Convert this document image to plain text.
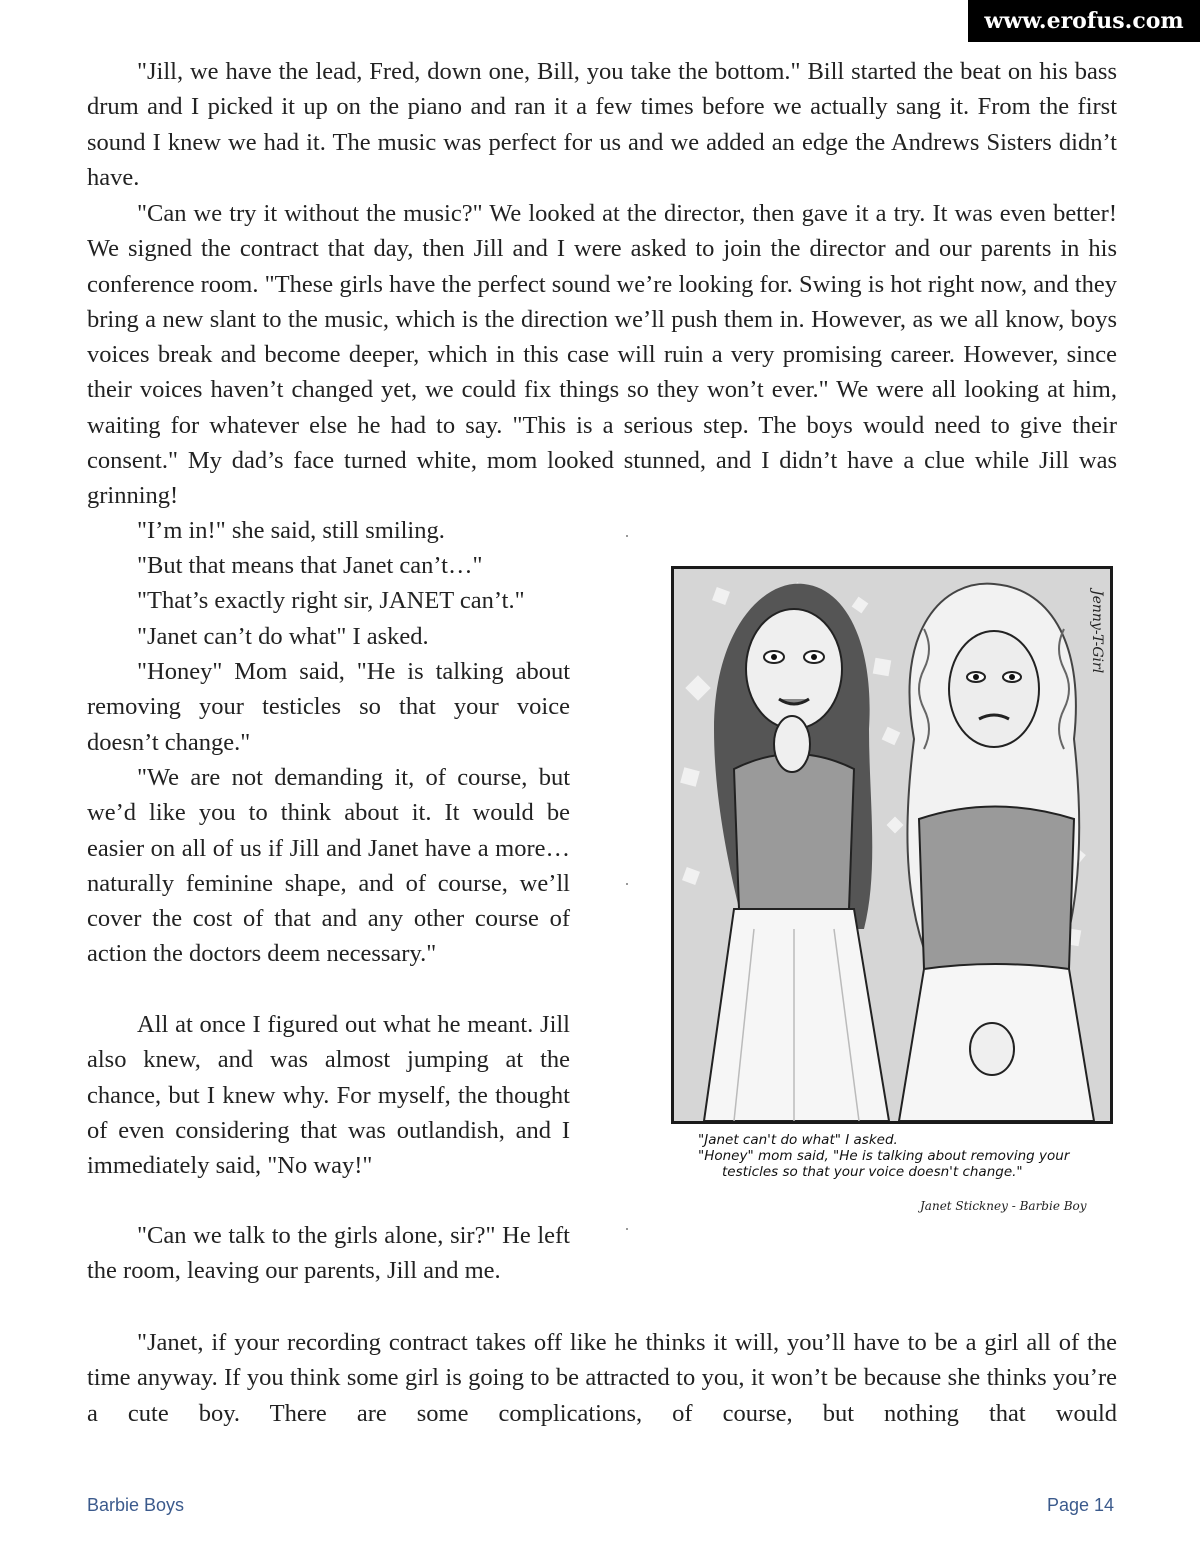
www.erofus.com

"Jill, we have the lead, Fred, down one, Bill, you take the bottom." Bill started the beat on his bass drum and I picked it up on the piano and ran it a few times before we actually sang it. From the first sound I knew we had it. The music was perfect for us and we added an edge the Andrews Sisters didn’t have.

"Can we try it without the music?" We looked at the director, then gave it a try. It was even better! We signed the contract that day, then Jill and I were asked to join the director and our parents in his conference room. "These girls have the perfect sound we’re looking for. Swing is hot right now, and they bring a new slant to the music, which is the direction we’ll push them in. However, as we all know, boys voices break and become deeper, which in this case will ruin a very promising career. However, since their voices haven’t changed yet, we could fix things so they won’t ever." We were all looking at him, waiting for whatever else he had to say. "This is a serious step. The boys would need to give their consent." My dad’s face turned white, mom looked stunned, and I didn’t have a clue while Jill was grinning!

"I’m in!" she said, still smiling.

"But that means that Janet can’t…"

"That’s exactly right sir, JANET can’t."

"Janet can’t do what" I asked.

"Honey" Mom said, "He is talking about removing your testicles so that your voice doesn’t change."

"We are not demanding it, of course, but we’d like you to think about it. It would be easier on all of us if Jill and Janet have a more… naturally feminine shape, and of course, we’ll cover the cost of that and any other course of action the doctors deem necessary."

All at once I figured out what he meant. Jill also knew, and was almost jumping at the chance, but I knew why. For myself, the thought of even considering that was outlandish, and I immediately said, "No way!"

"Can we talk to the girls alone, sir?" He left the room, leaving our parents, Jill and me.

"Janet, if your recording contract takes off like he thinks it will, you’ll have to be a girl all of the time anyway. If you think some girl is going to be attracted to you, it won’t be because she thinks you’re a cute boy. There are some complications, of course, but nothing that would

Jenny-T-Girl
"Janet can't do what" I asked.
"Honey" mom said, "He is talking about removing your
testicles so that your voice doesn't change."
Janet Stickney - Barbie Boy
Barbie Boys	Page 14
